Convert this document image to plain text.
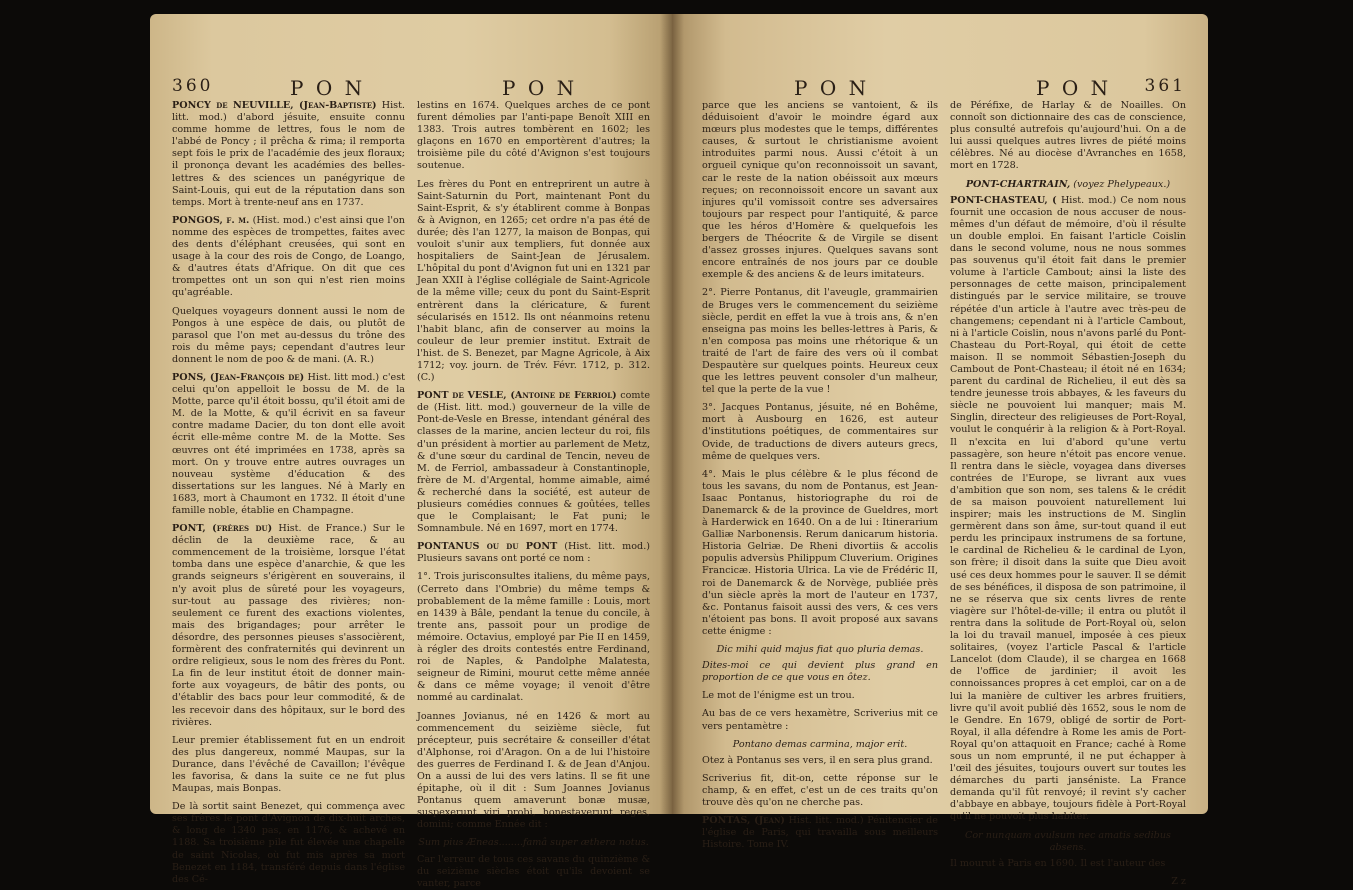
360	P O N	P O N

PONCY de NEUVILLE, (Jean-Baptiste) Hist. litt. mod.) d'abord jésuite, ensuite connu comme homme de lettres, fous le nom de l'abbé de Poncy ; il prêcha & rima; il remporta sept fois le prix de l'académie des jeux floraux; il prononça devant les académies des belles-lettres & des sciences un panégyrique de Saint-Louis, qui eut de la réputation dans son temps. Mort à trente-neuf ans en 1737.

PONGOS, f. m. (Hist. mod.) c'est ainsi que l'on nomme des espèces de trompettes, faites avec des dents d'éléphant creusées, qui sont en usage à la cour des rois de Congo, de Loango, & d'autres états d'Afrique. On dit que ces trompettes ont un son qui n'est rien moins qu'agréable.

Quelques voyageurs donnent aussi le nom de Pongos à une espèce de dais, ou plutôt de parasol que l'on met au-dessus du trône des rois du même pays; cependant d'autres leur donnent le nom de poo & de mani. (A. R.)

PONS, (Jean-François de) Hist. litt mod.) c'est celui qu'on appelloit le bossu de M. de la Motte, parce qu'il étoit bossu, qu'il étoit ami de M. de la Motte, & qu'il écrivit en sa faveur contre madame Dacier, du ton dont elle avoit écrit elle-même contre M. de la Motte. Ses œuvres ont été imprimées en 1738, après sa mort. On y trouve entre autres ouvrages un nouveau système d'éducation & des dissertations sur les langues. Né à Marly en 1683, mort à Chaumont en 1732. Il étoit d'une famille noble, établie en Champagne.

PONT, (frères du) Hist. de France.) Sur le déclin de la deuxième race, & au commencement de la troisième, lorsque l'état tomba dans une espèce d'anarchie, & que les grands seigneurs s'érigèrent en souverains, il n'y avoit plus de sûreté pour les voyageurs, sur-tout au passage des rivières; non-seulement ce furent des exactions violentes, mais des brigandages; pour arrêter le désordre, des personnes pieuses s'associèrent, formèrent des confraternités qui devinrent un ordre religieux, sous le nom des frères du Pont. La fin de leur institut étoit de donner main-forte aux voyageurs, de bâtir des ponts, ou d'établir des bacs pour leur commodité, & de les recevoir dans des hôpitaux, sur le bord des rivières.

Leur premier établissement fut en un endroit des plus dangereux, nommé Maupas, sur la Durance, dans l'évêché de Cavaillon; l'évêque les favorisa, & dans la suite ce ne fut plus Maupas, mais Bonpas.

De là sortit saint Benezet, qui commença avec ses frères le pont d'Avignon de dix-huit arches, & long de 1340 pas, en 1176, & achevé en 1188. Sa troisième pile fut élevée une chapelle de saint Nicolas, où fut mis après sa mort Benezet en 1184, transféré depuis dans l'église des Cé-

lestins en 1674. Quelques arches de ce pont furent démolies par l'anti-pape Benoît XIII en 1383. Trois autres tombèrent en 1602; les glaçons en 1670 en emportèrent d'autres; la troisième pile du côté d'Avignon s'est toujours soutenue.

Les frères du Pont en entreprirent un autre à Saint-Saturnin du Port, maintenant Pont du Saint-Esprit, & s'y établirent comme à Bonpas & à Avignon, en 1265; cet ordre n'a pas été de durée; dès l'an 1277, la maison de Bonpas, qui vouloit s'unir aux templiers, fut donnée aux hospitaliers de Saint-Jean de Jérusalem. L'hôpital du pont d'Avignon fut uni en 1321 par Jean XXII à l'église collégiale de Saint-Agricole de la même ville; ceux du pont du Saint-Esprit entrèrent dans la cléricature, & furent sécularisés en 1512. Ils ont néanmoins retenu l'habit blanc, afin de conserver au moins la couleur de leur premier institut. Extrait de l'hist. de S. Benezet, par Magne Agricole, à Aix 1712; voy. journ. de Trév. Févr. 1712, p. 312. (C.)

PONT de VESLE, (Antoine de Ferriol) comte de (Hist. litt. mod.) gouverneur de la ville de Pont-de-Vesle en Bresse, intendant général des classes de la marine, ancien lecteur du roi, fils d'un président à mortier au parlement de Metz, & d'une sœur du cardinal de Tencin, neveu de M. de Ferriol, ambassadeur à Constantinople, frère de M. d'Argental, homme aimable, aimé & recherché dans la société, est auteur de plusieurs comédies connues & goûtées, telles que le Complaisant; le Fat puni; le Somnambule. Né en 1697, mort en 1774.

PONTANUS ou du PONT (Hist. litt. mod.) Plusieurs savans ont porté ce nom :

1°. Trois jurisconsultes italiens, du même pays, (Cerreto dans l'Ombrie) du même temps & probablement de la même famille : Louis, mort en 1439 à Bâle, pendant la tenue du concile, à trente ans, passoit pour un prodige de mémoire. Octavius, employé par Pie II en 1459, à régler des droits contestés entre Ferdinand, roi de Naples, & Pandolphe Malatesta, seigneur de Rimini, mourut cette même année & dans ce même voyage; il venoit d'être nommé au cardinalat.

Joannes Jovianus, né en 1426 & mort au commencement du seizième siècle, fut précepteur, puis secrétaire & conseiller d'état d'Alphonse, roi d'Aragon. On a de lui l'histoire des guerres de Ferdinand I. & de Jean d'Anjou. On a aussi de lui des vers latins. Il se fit une épitaphe, où il dit : Sum Joannes Jovianus Pontanus quem amaverunt bonæ musæ, suspexerunt viri probi, honestaverunt reges, domini; comme Ennée dit :

Sum pius Æneas........famâ super æthera notus.

Car l'erreur de tous ces savans du quinzième & du seizième siècles étoit qu'ils devoient se vanter, parce

P O N	P O N 361

parce que les anciens se vantoient, & ils déduisoient d'avoir le moindre égard aux mœurs plus modestes que le temps, différentes causes, & surtout le christianisme avoient introduites parmi nous. Aussi c'étoit à un orgueil cynique qu'on reconnoissoit un savant, car le reste de la nation obéissoit aux mœurs reçues; on reconnoissoit encore un savant aux injures qu'il vomissoit contre ses adversaires toujours par respect pour l'antiquité, & parce que les héros d'Homère & quelquefois les bergers de Théocrite & de Virgile se disent d'assez grosses injures. Quelques savans sont encore entraînés de nos jours par ce double exemple & des anciens & de leurs imitateurs.

2°. Pierre Pontanus, dit l'aveugle, grammairien de Bruges vers le commencement du seizième siècle, perdit en effet la vue à trois ans, & n'en enseigna pas moins les belles-lettres à Paris, & n'en composa pas moins une rhétorique & un traité de l'art de faire des vers où il combat Despautère sur quelques points. Heureux ceux que les lettres peuvent consoler d'un malheur, tel que la perte de la vue !

3°. Jacques Pontanus, jésuite, né en Bohême, mort à Ausbourg en 1626, est auteur d'institutions poétiques, de commentaires sur Ovide, de traductions de divers auteurs grecs, même de quelques vers.

4°. Mais le plus célèbre & le plus fécond de tous les savans, du nom de Pontanus, est Jean-Isaac Pontanus, historiographe du roi de Danemarck & de la province de Gueldres, mort à Harderwick en 1640. On a de lui : Itinerarium Galliæ Narbonensis. Rerum danicarum historia. Historia Gelriæ. De Rheni divortiis & accolis populis adversùs Philippum Cluverium. Origines Francicæ. Historia Ulrica. La vie de Frédéric II, roi de Danemarck & de Norvège, publiée près d'un siècle après la mort de l'auteur en 1737, &c. Pontanus faisoit aussi des vers, & ces vers n'étoient pas bons. Il avoit proposé aux savans cette énigme :

Dic mihi quid majus fiat quo pluria demas.

Dites-moi ce qui devient plus grand en proportion de ce que vous en ôtez.

Le mot de l'énigme est un trou.

Au bas de ce vers hexamètre, Scriverius mit ce vers pentamètre :

Pontano demas carmina, major erit.

Otez à Pontanus ses vers, il en sera plus grand.

Scriverius fit, dit-on, cette réponse sur le champ, & en effet, c'est un de ces traits qu'on trouve dès qu'on ne cherche pas.

PONTAS, (Jean) Hist. litt. mod.) Pénitencier de l'église de Paris, qui travailla sous meilleurs Histoire. Tome IV.

de Péréfixe, de Harlay & de Noailles. On connoît son dictionnaire des cas de conscience, plus consulté autrefois qu'aujourd'hui. On a de lui aussi quelques autres livres de piété moins célèbres. Né au diocèse d'Avranches en 1658, mort en 1728.

PONT-CHARTRAIN, (voyez Phelypeaux.)

PONT-CHASTEAU, ( Hist. mod.) Ce nom nous fournit une occasion de nous accuser de nous-mêmes d'un défaut de mémoire, d'où il résulte un double emploi. En faisant l'article Coislin dans le second volume, nous ne nous sommes pas souvenus qu'il étoit fait dans le premier volume à l'article Cambout; ainsi la liste des personnages de cette maison, principalement distingués par le service militaire, se trouve répétée d'un article à l'autre avec très-peu de changemens; cependant ni à l'article Cambout, ni à l'article Coislin, nous n'avons parlé du Pont-Chasteau du Port-Royal, qui étoit de cette maison. Il se nommoit Sébastien-Joseph du Cambout de Pont-Chasteau; il étoit né en 1634; parent du cardinal de Richelieu, il eut dès sa tendre jeunesse trois abbayes, & les faveurs du siècle ne pouvoient lui manquer; mais M. Singlin, directeur des religieuses de Port-Royal, voulut le conquérir à la religion & à Port-Royal. Il n'excita en lui d'abord qu'une vertu passagère, son heure n'étoit pas encore venue. Il rentra dans le siècle, voyagea dans diverses contrées de l'Europe, se livrant aux vues d'ambition que son nom, ses talens & le crédit de sa maison pouvoient naturellement lui inspirer; mais les instructions de M. Singlin germèrent dans son âme, sur-tout quand il eut perdu les principaux instrumens de sa fortune, le cardinal de Richelieu & le cardinal de Lyon, son frère; il disoit dans la suite que Dieu avoit usé ces deux hommes pour le sauver. Il se démit de ses bénéfices, il disposa de son patrimoine, il ne se réserva que six cents livres de rente viagère sur l'hôtel-de-ville; il entra ou plutôt il rentra dans la solitude de Port-Royal où, selon la loi du travail manuel, imposée à ces pieux solitaires, (voyez l'article Pascal & l'article Lancelot (dom Claude), il se chargea en 1668 de l'office de jardinier; il avoit les connoissances propres à cet emploi, car on a de lui la manière de cultiver les arbres fruitiers, livre qu'il avoit publié dès 1652, sous le nom de le Gendre. En 1679, obligé de sortir de Port-Royal, il alla défendre à Rome les amis de Port-Royal qu'on attaquoit en France; caché à Rome sous un nom emprunté, il ne put échapper à l'œil des jésuites, toujours ouvert sur toutes les démarches du parti janséniste. La France demanda qu'il fût renvoyé; il revint s'y cacher d'abbaye en abbaye, toujours fidèle à Port-Royal qu'il ne pouvoit plus habiter.

Cor nunquam avulsum nec amatis sedibus absens.

Il mourut à Paris en 1690. Il est l'auteur des

Z z
